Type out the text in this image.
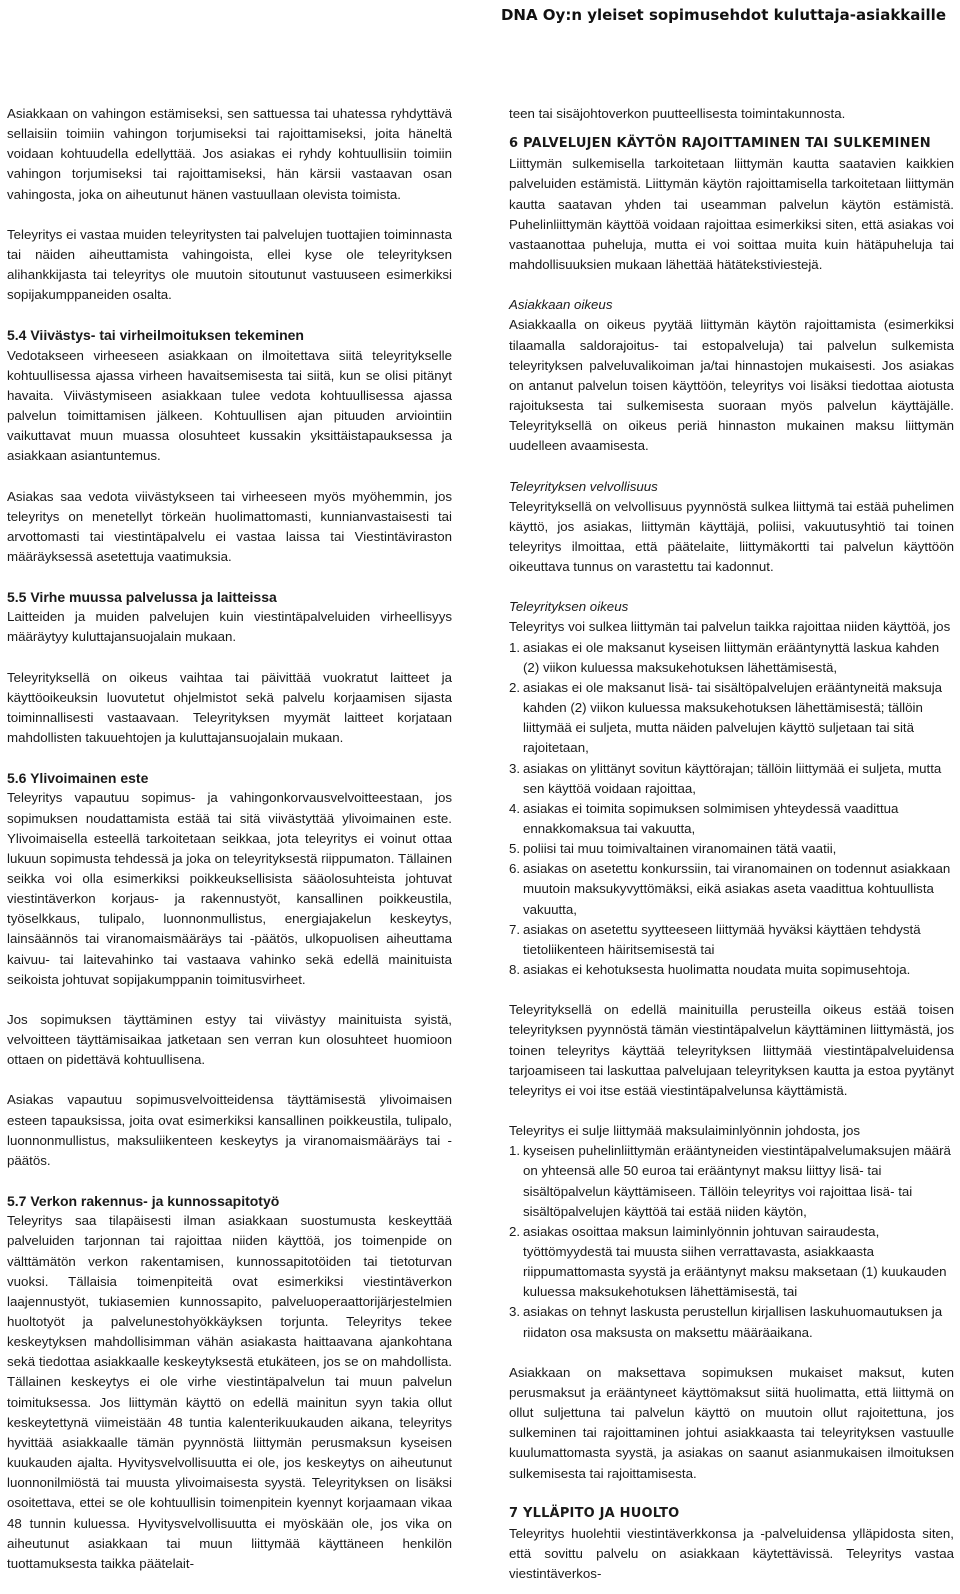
DNA Oy:n yleiset sopimusehdot kuluttaja-asiakkaille

Asiakkaan on vahingon estämiseksi, sen sattuessa tai uhatessa ryhdyttävä sellaisiin toimiin vahingon torjumiseksi tai rajoittamiseksi, joita häneltä voidaan kohtuudella edellyttää. Jos asiakas ei ryhdy kohtuullisiin toimiin vahingon torjumiseksi tai rajoittamiseksi, hän kärsii vastaavan osan vahingosta, joka on aiheutunut hänen vastuullaan olevista toimista.

Teleyritys ei vastaa muiden teleyritysten tai palvelujen tuottajien toiminnasta tai näiden aiheuttamista vahingoista, ellei kyse ole teleyrityksen alihankkijasta tai teleyritys ole muutoin sitoutunut vastuuseen esimerkiksi sopijakumppaneiden osalta.

5.4 Viivästys- tai virheilmoituksen tekeminen

Vedotakseen virheeseen asiakkaan on ilmoitettava siitä teleyritykselle kohtuullisessa ajassa virheen havaitsemisesta tai siitä, kun se olisi pitänyt havaita. Viivästymiseen asiakkaan tulee vedota kohtuullisessa ajassa palvelun toimittamisen jälkeen. Kohtuullisen ajan pituuden arviointiin vaikuttavat muun muassa olosuhteet kussakin yksittäistapauksessa ja asiakkaan asiantuntemus.

Asiakas saa vedota viivästykseen tai virheeseen myös myöhemmin, jos teleyritys on menetellyt törkeän huolimattomasti, kunnianvastaisesti tai arvottomasti tai viestintäpalvelu ei vastaa laissa tai Viestintäviraston määräyksessä asetettuja vaatimuksia.

5.5 Virhe muussa palvelussa ja laitteissa

Laitteiden ja muiden palvelujen kuin viestintäpalveluiden virheellisyys määräytyy kuluttajansuojalain mukaan.

Teleyrityksellä on oikeus vaihtaa tai päivittää vuokratut laitteet ja käyttöoikeuksin luovutetut ohjelmistot sekä palvelu korjaamisen sijasta toiminnallisesti vastaavaan. Teleyrityksen myymät laitteet korjataan mahdollisten takuuehtojen ja kuluttajansuojalain mukaan.

5.6 Ylivoimainen este

Teleyritys vapautuu sopimus- ja vahingonkorvausvelvoitteestaan, jos sopimuksen noudattamista estää tai sitä viivästyttää ylivoimainen este. Ylivoimaisella esteellä tarkoitetaan seikkaa, jota teleyritys ei voinut ottaa lukuun sopimusta tehdessä ja joka on teleyrityksestä riippumaton. Tällainen seikka voi olla esimerkiksi poikkeuksellisista sääolosuhteista johtuvat viestintäverkon korjaus- ja rakennustyöt, kansallinen poikkeustila, työselkkaus, tulipalo, luonnonmullistus, energiajakelun keskeytys, lainsäännös tai viranomaismääräys tai -päätös, ulkopuolisen aiheuttama kaivuu- tai laitevahinko tai vastaava vahinko sekä edellä mainituista seikoista johtuvat sopijakumppanin toimitusvirheet.

Jos sopimuksen täyttäminen estyy tai viivästyy mainituista syistä, velvoitteen täyttämisaikaa jatketaan sen verran kun olosuhteet huomioon ottaen on pidettävä kohtuullisena.

Asiakas vapautuu sopimusvelvoitteidensa täyttämisestä ylivoimaisen esteen tapauksissa, joita ovat esimerkiksi kansallinen poikkeustila, tulipalo, luonnonmullistus, maksuliikenteen keskeytys ja viranomaismääräys tai -päätös.

5.7 Verkon rakennus- ja kunnossapitotyö

Teleyritys saa tilapäisesti ilman asiakkaan suostumusta keskeyttää palveluiden tarjonnan tai rajoittaa niiden käyttöä, jos toimenpide on välttämätön verkon rakentamisen, kunnossapitotöiden tai tietoturvan vuoksi. Tällaisia toimenpiteitä ovat esimerkiksi viestintäverkon laajennustyöt, tukiasemien kunnossapito, palveluoperaattorijärjestelmien huoltotyöt ja palvelunestohyökkäyksen torjunta. Teleyritys tekee keskeytyksen mahdollisimman vähän asiakasta haittaavana ajankohtana sekä tiedottaa asiakkaalle keskeytyksestä etukäteen, jos se on mahdollista. Tällainen keskeytys ei ole virhe viestintäpalvelun tai muun palvelun toimituksessa. Jos liittymän käyttö on edellä mainitun syyn takia ollut keskeytettynä viimeistään 48 tuntia kalenterikuukauden aikana, teleyritys hyvittää asiakkaalle tämän pyynnöstä liittymän perusmaksun kyseisen kuukauden ajalta. Hyvitysvelvollisuutta ei ole, jos keskeytys on aiheutunut luonnonilmiöstä tai muusta ylivoimaisesta syystä. Teleyrityksen on lisäksi osoitettava, ettei se ole kohtuullisin toimenpitein kyennyt korjaamaan vikaa 48 tunnin kuluessa. Hyvitysvelvollisuutta ei myöskään ole, jos vika on aiheutunut asiakkaan tai muun liittymää käyttäneen henkilön tuottamuksesta taikka päätelait-

teen tai sisäjohtoverkon puutteellisesta toimintakunnosta.

6 PALVELUJEN KÄYTÖN RAJOITTAMINEN TAI SULKEMINEN

Liittymän sulkemisella tarkoitetaan liittymän kautta saatavien kaikkien palveluiden estämistä. Liittymän käytön rajoittamisella tarkoitetaan liittymän kautta saatavan yhden tai useamman palvelun käytön estämistä. Puhelinliittymän käyttöä voidaan rajoittaa esimerkiksi siten, että asiakas voi vastaanottaa puheluja, mutta ei voi soittaa muita kuin hätäpuheluja tai mahdollisuuksien mukaan lähettää hätätekstiviestejä.

Asiakkaan oikeus

Asiakkaalla on oikeus pyytää liittymän käytön rajoittamista (esimerkiksi tilaamalla saldorajoitus- tai estopalveluja) tai palvelun sulkemista teleyrityksen palveluvalikoiman ja/tai hinnastojen mukaisesti. Jos asiakas on antanut palvelun toisen käyttöön, teleyritys voi lisäksi tiedottaa aiotusta rajoituksesta tai sulkemisesta suoraan myös palvelun käyttäjälle. Teleyrityksellä on oikeus periä hinnaston mukainen maksu liittymän uudelleen avaamisesta.

Teleyrityksen velvollisuus

Teleyrityksellä on velvollisuus pyynnöstä sulkea liittymä tai estää puhelimen käyttö, jos asiakas, liittymän käyttäjä, poliisi, vakuutusyhtiö tai toinen teleyritys ilmoittaa, että päätelaite, liittymäkortti tai palvelun käyttöön oikeuttava tunnus on varastettu tai kadonnut.

Teleyrityksen oikeus

Teleyritys voi sulkea liittymän tai palvelun taikka rajoittaa niiden käyttöä, jos

1. asiakas ei ole maksanut kyseisen liittymän erääntynyttä laskua kahden (2) viikon kuluessa maksukehotuksen lähettämisestä,
2. asiakas ei ole maksanut lisä- tai sisältöpalvelujen erääntyneitä maksuja kahden (2) viikon kuluessa maksukehotuksen lähettämisestä; tällöin liittymää ei suljeta, mutta näiden palvelujen käyttö suljetaan tai sitä rajoitetaan,
3. asiakas on ylittänyt sovitun käyttörajan; tällöin liittymää ei suljeta, mutta sen käyttöä voidaan rajoittaa,
4. asiakas ei toimita sopimuksen solmimisen yhteydessä vaadittua ennakkomaksua tai vakuutta,
5. poliisi tai muu toimivaltainen viranomainen tätä vaatii,
6. asiakas on asetettu konkurssiin, tai viranomainen on todennut asiakkaan muutoin maksukyvyttömäksi, eikä asiakas aseta vaadittua kohtuullista vakuutta,
7. asiakas on asetettu syytteeseen liittymää hyväksi käyttäen tehdystä tietoliikenteen häiritsemisestä tai
8. asiakas ei kehotuksesta huolimatta noudata muita sopimusehtoja.

Teleyrityksellä on edellä mainituilla perusteilla oikeus estää toisen teleyrityksen pyynnöstä tämän viestintäpalvelun käyttäminen liittymästä, jos toinen teleyritys käyttää teleyrityksen liittymää viestintäpalveluidensa tarjoamiseen tai laskuttaa palvelujaan teleyrityksen kautta ja estoa pyytänyt teleyritys ei voi itse estää viestintäpalvelunsa käyttämistä.

Teleyritys ei sulje liittymää maksulaiminlyönnin johdosta, jos

1. kyseisen puhelinliittymän erääntyneiden viestintäpalvelumaksujen määrä on yhteensä alle 50 euroa tai erääntynyt maksu liittyy lisä- tai sisältöpalvelun käyttämiseen. Tällöin teleyritys voi rajoittaa lisä- tai sisältöpalvelujen käyttöä tai estää niiden käytön,
2. asiakas osoittaa maksun laiminlyönnin johtuvan sairaudesta, työttömyydestä tai muusta siihen verrattavasta, asiakkaasta riippumattomasta syystä ja erääntynyt maksu maksetaan (1) kuukauden kuluessa maksukehotuksen lähettämisestä, tai
3. asiakas on tehnyt laskusta perustellun kirjallisen laskuhuomautuksen ja riidaton osa maksusta on maksettu määräaikana.

Asiakkaan on maksettava sopimuksen mukaiset maksut, kuten perusmaksut ja erääntyneet käyttömaksut siitä huolimatta, että liittymä on ollut suljettuna tai palvelun käyttö on muutoin ollut rajoitettuna, jos sulkeminen tai rajoittaminen johtui asiakkaasta tai teleyrityksen vastuulle kuulumattomasta syystä, ja asiakas on saanut asianmukaisen ilmoituksen sulkemisesta tai rajoittamisesta.

7 YLLÄPITO JA HUOLTO

Teleyritys huolehtii viestintäverkkonsa ja -palveluidensa ylläpidosta siten, että sovittu palvelu on asiakkaan käytettävissä. Teleyritys vastaa viestintäverkos-
